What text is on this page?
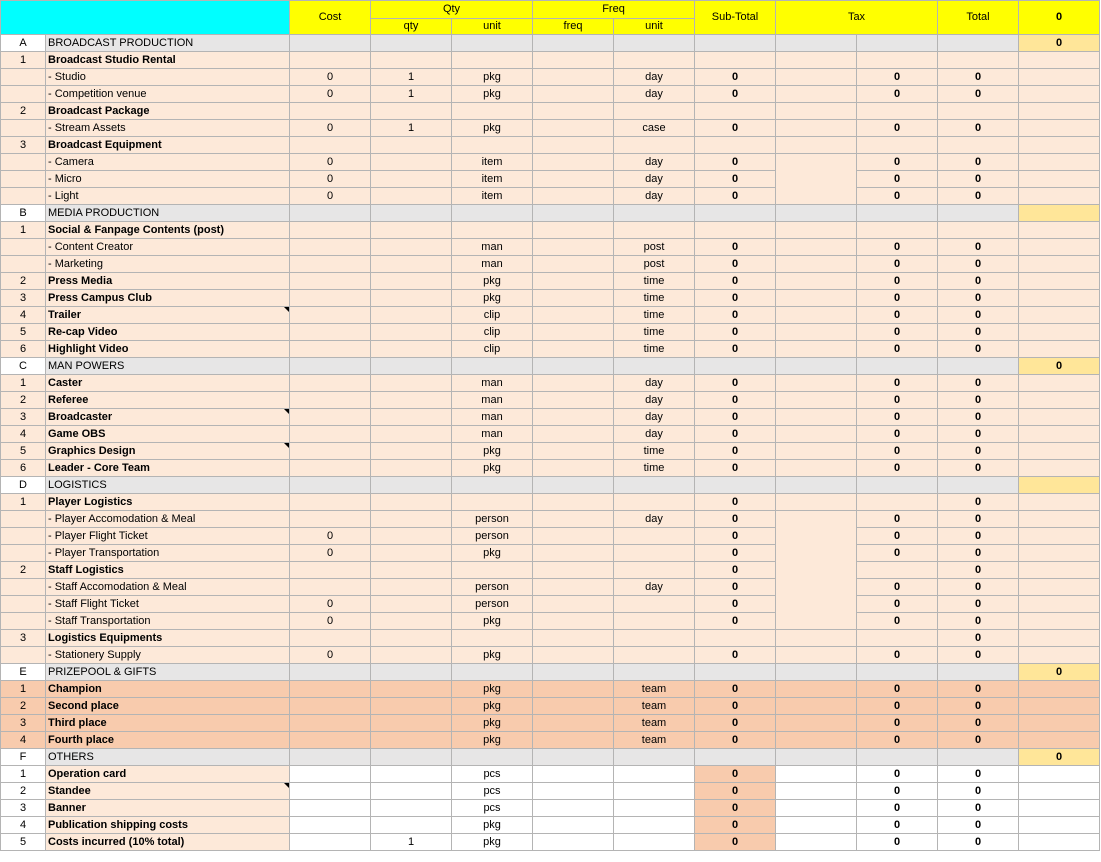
		Cost	Qty		Freq		Sub-Total	Tax		Total	0
			qty	unit	freq	unit					
A	BROADCAST PRODUCTION										0
1	Broadcast Studio Rental										
	- Studio	0	1	pkg		day	0		0	0	
	- Competition venue	0	1	pkg		day	0		0	0	
2	Broadcast Package										
	- Stream Assets	0	1	pkg		case	0		0	0	
3	Broadcast Equipment										
	- Camera	0		item		day	0		0	0	
	- Micro	0		item		day	0		0	0	
	- Light	0		item		day	0		0	0	
B	MEDIA PRODUCTION										
1	Social & Fanpage Contents (post)										
	- Content Creator			man		post	0		0	0	
	- Marketing			man		post	0		0	0	
2	Press Media			pkg		time	0		0	0	
3	Press Campus Club			pkg		time	0		0	0	
4	Trailer			clip		time	0		0	0	
5	Re-cap Video			clip		time	0		0	0	
6	Highlight Video			clip		time	0		0	0	
C	MAN POWERS										0
1	Caster			man		day	0		0	0	
2	Referee			man		day	0		0	0	
3	Broadcaster			man		day	0		0	0	
4	Game OBS			man		day	0		0	0	
5	Graphics Design			pkg		time	0		0	0	
6	Leader - Core Team			pkg		time	0		0	0	
D	LOGISTICS										
1	Player Logistics						0			0	
	- Player Accomodation & Meal			person		day	0		0	0	
	- Player Flight Ticket	0		person			0		0	0	
	- Player Transportation	0		pkg			0		0	0	
2	Staff Logistics						0			0	
	- Staff Accomodation & Meal			person		day	0		0	0	
	- Staff Flight Ticket	0		person			0		0	0	
	- Staff Transportation	0		pkg			0		0	0	
3	Logistics Equipments									0	
	- Stationery Supply	0		pkg			0		0	0	
E	PRIZEPOOL & GIFTS										0
1	Champion			pkg		team	0		0	0	
2	Second place			pkg		team	0		0	0	
3	Third place			pkg		team	0		0	0	
4	Fourth place			pkg		team	0		0	0	
F	OTHERS										0
1	Operation card			pcs			0		0	0	
2	Standee			pcs			0		0	0	
3	Banner			pcs			0		0	0	
4	Publication shipping costs			pkg			0		0	0	
5	Costs incurred (10% total)		1	pkg			0		0	0	
